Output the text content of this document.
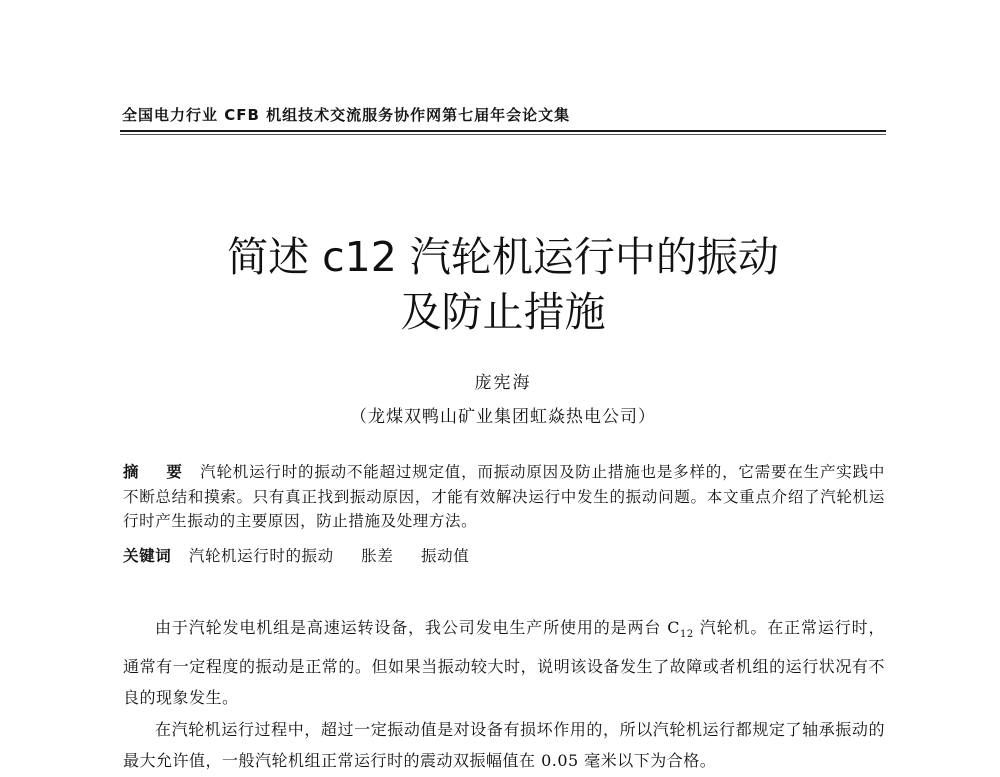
全国电力行业 CFB 机组技术交流服务协作网第七届年会论文集
简述 c12 汽轮机运行中的振动
及防止措施
庞宪海
（龙煤双鸭山矿业集团虹焱热电公司）
摘　要 汽轮机运行时的振动不能超过规定值，而振动原因及防止措施也是多样的，它需要在生产实践中不断总结和摸索。只有真正找到振动原因，才能有效解决运行中发生的振动问题。本文重点介绍了汽轮机运行时产生振动的主要原因，防止措施及处理方法。
关键词 汽轮机运行时的振动 胀差 振动值

由于汽轮发电机组是高速运转设备，我公司发电生产所使用的是两台 $C_{12}$ 汽轮机。在正常运行时，通常有一定程度的振动是正常的。但如果当振动较大时，说明该设备发生了故障或者机组的运行状况有不良的现象发生。

在汽轮机运行过程中，超过一定振动值是对设备有损坏作用的，所以汽轮机运行都规定了轴承振动的最大允许值，一般汽轮机组正常运行时的震动双振幅值在 0.05 毫米以下为合格。
